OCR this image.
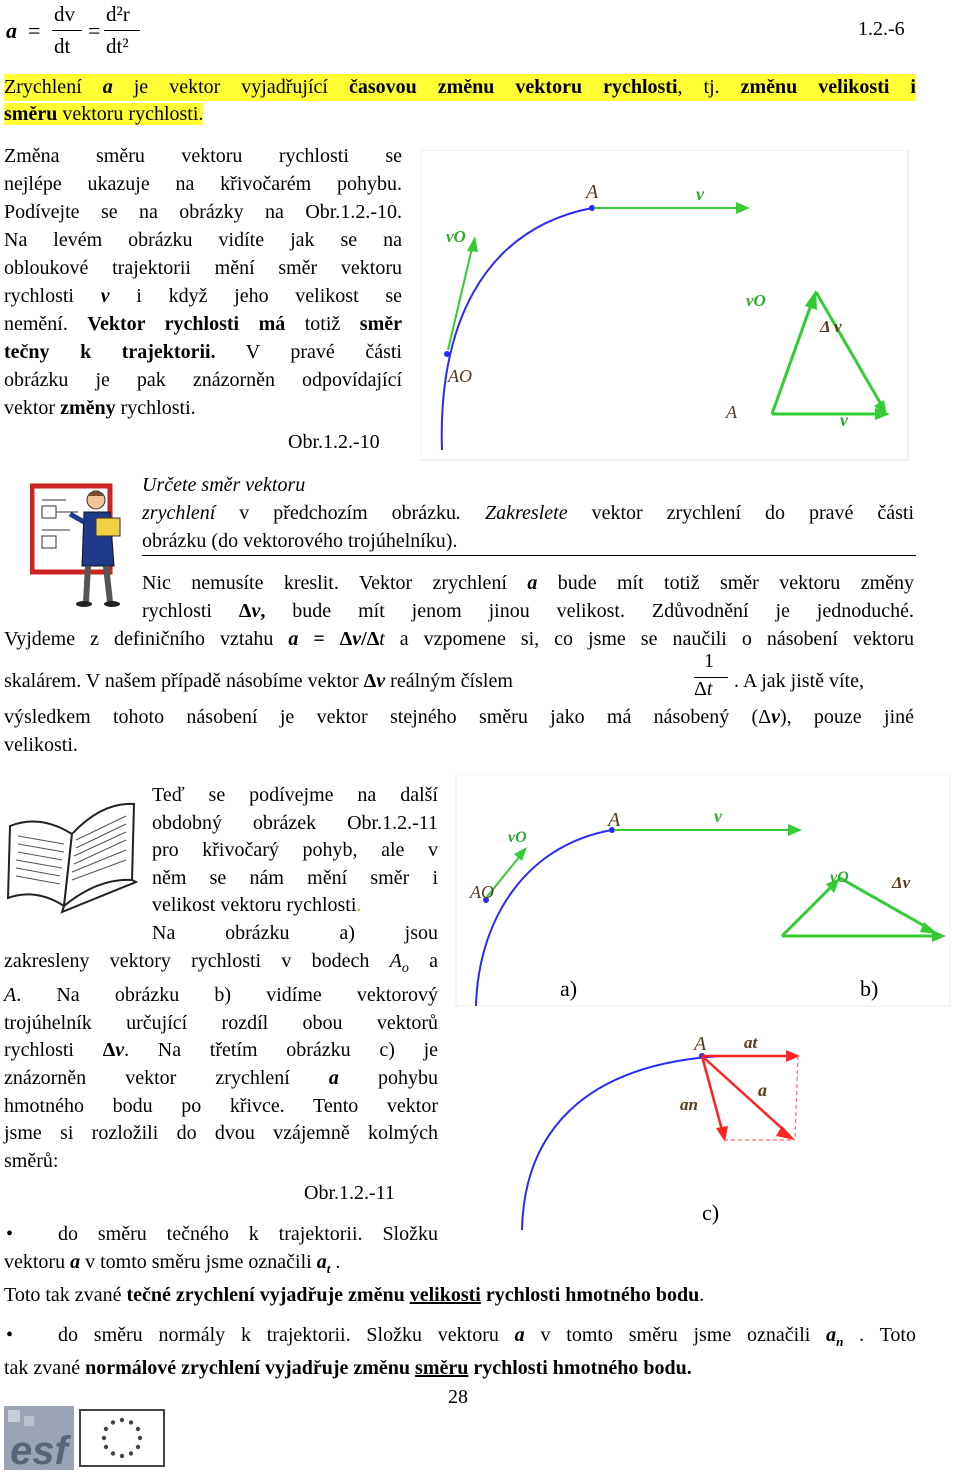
a =
dv
dt
=
d²r
dt²
1.2.-6
Zrychlení a je vektor vyjadřující časovou změnu vektoru rychlosti, tj. změnu velikosti i
směru vektoru rychlosti.
Změna směru vektoru rychlosti se
nejlépe ukazuje na křivočarém pohybu.
Podívejte se na obrázky na Obr.1.2.-10.
Na levém obrázku vidíte jak se na
obloukové trajektorii mění směr vektoru
rychlosti v i když jeho velikost se
nemění. Vektor rychlosti má totiž směr
tečny k trajektorii. V pravé části
obrázku je pak znázorněn odpovídající
vektor změny rychlosti.
Obr.1.2.-10
A	v
vO
AO
vO
Δ v
A	v
Určete směr vektoru
zrychlení v předchozím obrázku. Zakreslete vektor zrychlení do pravé části
obrázku (do vektorového trojúhelníku).
Nic nemusíte kreslit. Vektor zrychlení a bude mít totiž směr vektoru změny
rychlosti Δv, bude mít jenom jinou velikost. Zdůvodnění je jednoduché.
Vyjdeme z definičního vztahu a = Δv/Δt a vzpomene si, co jsme se naučili o násobení vektoru
skalárem. V našem případě násobíme vektor Δv reálným číslem
1
Δt . A jak jistě víte,
výsledkem tohoto násobení je vektor stejného směru jako má násobený (Δv), pouze jiné
velikosti.
Teď se podívejme na další
obdobný obrázek Obr.1.2.-11
pro křivočarý pohyb, ale v
něm se nám mění směr i
velikost vektoru rychlosti.
Na obrázku a) jsou
zakresleny vektory rychlosti v bodech $A_o$ a
A. Na obrázku b) vidíme vektorový
trojúhelník určující rozdíl obou vektorů
rychlosti Δv. Na třetím obrázku c) je
znázorněn vektor zrychlení a pohybu
hmotného bodu po křivce. Tento vektor
jsme si rozložili do dvou vzájemně kolmých
směrů:
Obr.1.2.-11
A	v
vO
AO
a)
vO	Δv
b)
A at
an
a
c)
• do směru tečného k trajektorii. Složku
vektoru a v tomto směru jsme označili $a_t$ .
Toto tak zvané tečné zrychlení vyjadřuje změnu velikosti rychlosti hmotného bodu.
• do směru normály k trajektorii. Složku vektoru a v tomto směru jsme označili $a_n$ . Toto
tak zvané normálové zrychlení vyjadřuje změnu směru rychlosti hmotného bodu.
28
esf
